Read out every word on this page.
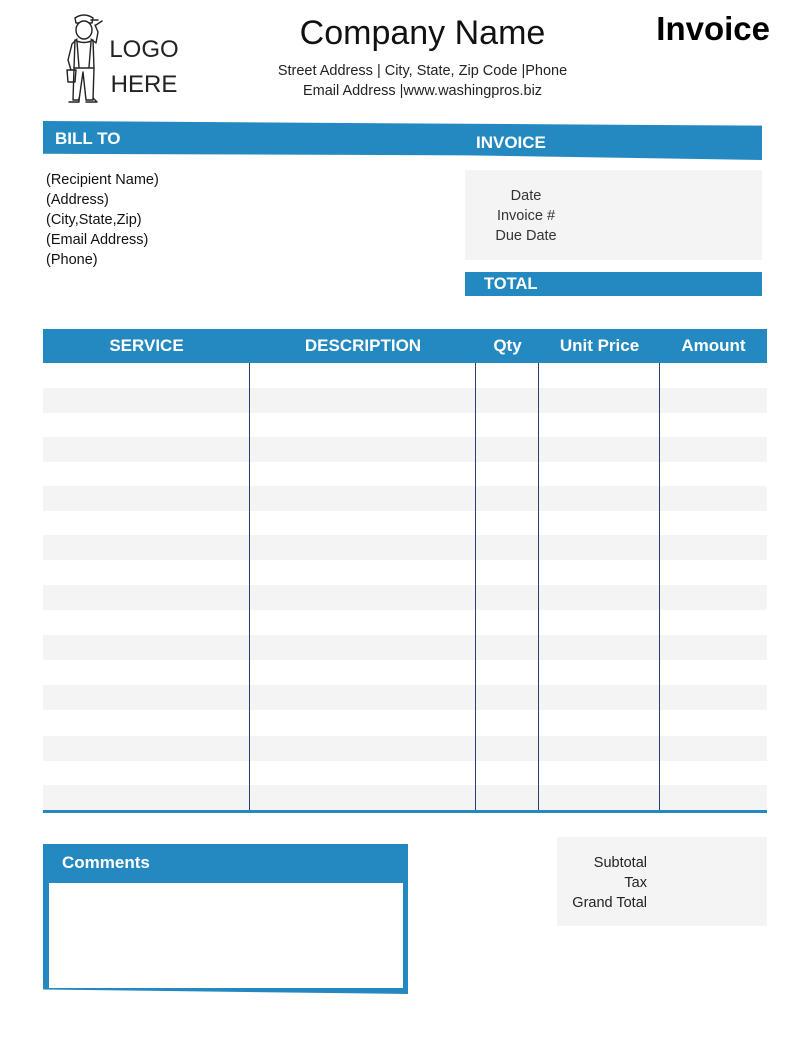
LOGO
HERE
Company Name
Street Address | City, State, Zip Code |Phone
Email Address |www.washingpros.biz
Invoice
BILL TO	INVOICE
(Recipient Name)
(Address)
(City,State,Zip)
(Email Address)
(Phone)
Date
Invoice #
Due Date
TOTAL
SERVICE	DESCRIPTION	Qty	Unit Price	Amount
Comments	Subtotal
Tax
Grand Total
